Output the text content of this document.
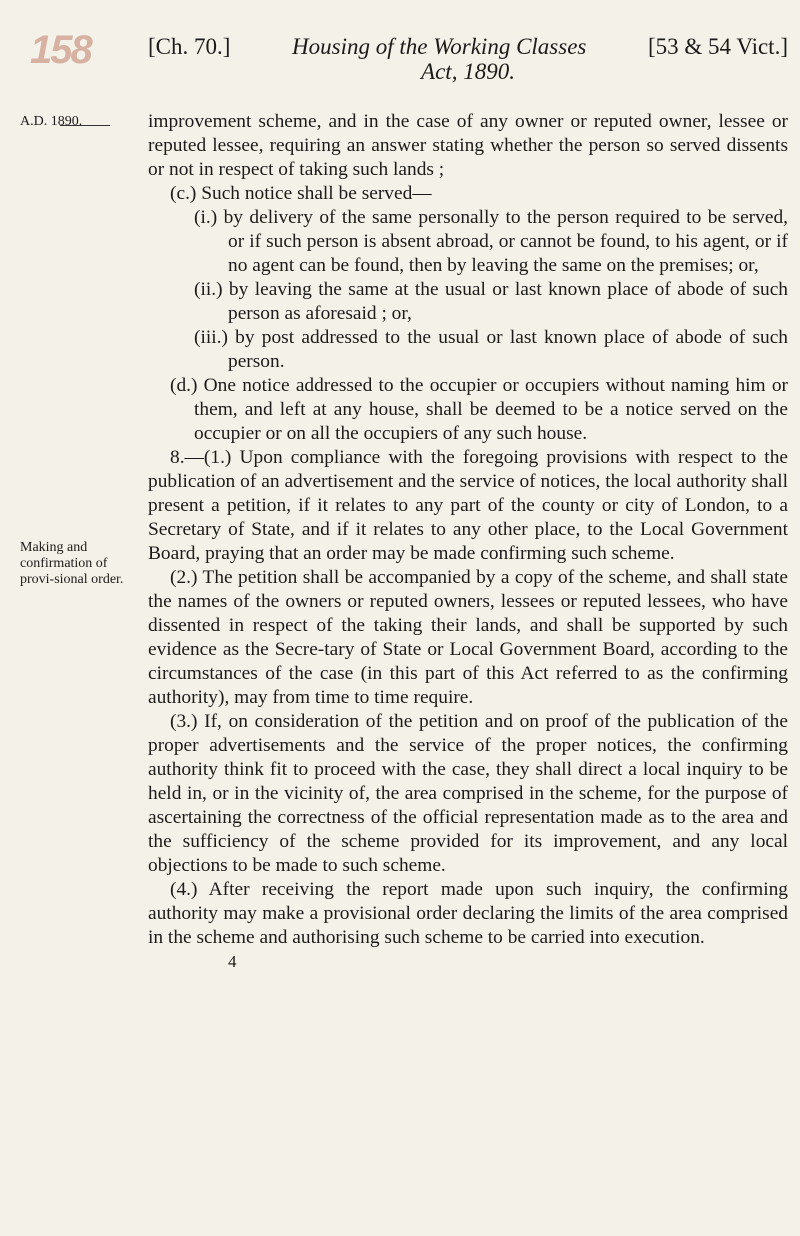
158 [Ch. 70.]	Housing of the Working Classes	[53 & 54 Vict.]
Act, 1890.
A.D. 1890.
Making and confirmation of provi-sional order.

improvement scheme, and in the case of any owner or reputed owner, lessee or reputed lessee, requiring an answer stating whether the person so served dissents or not in respect of taking such lands ;

(c.) Such notice shall be served—

(i.) by delivery of the same personally to the person required to be served, or if such person is absent abroad, or cannot be found, to his agent, or if no agent can be found, then by leaving the same on the premises; or,

(ii.) by leaving the same at the usual or last known place of abode of such person as aforesaid ; or,

(iii.) by post addressed to the usual or last known place of abode of such person.

(d.) One notice addressed to the occupier or occupiers without naming him or them, and left at any house, shall be deemed to be a notice served on the occupier or on all the occupiers of any such house.

8.—(1.) Upon compliance with the foregoing provisions with respect to the publication of an advertisement and the service of notices, the local authority shall present a petition, if it relates to any part of the county or city of London, to a Secretary of State, and if it relates to any other place, to the Local Government Board, praying that an order may be made confirming such scheme.

(2.) The petition shall be accompanied by a copy of the scheme, and shall state the names of the owners or reputed owners, lessees or reputed lessees, who have dissented in respect of the taking their lands, and shall be supported by such evidence as the Secre-tary of State or Local Government Board, according to the circumstances of the case (in this part of this Act referred to as the confirming authority), may from time to time require.

(3.) If, on consideration of the petition and on proof of the publication of the proper advertisements and the service of the proper notices, the confirming authority think fit to proceed with the case, they shall direct a local inquiry to be held in, or in the vicinity of, the area comprised in the scheme, for the purpose of ascertaining the correctness of the official representation made as to the area and the sufficiency of the scheme provided for its improvement, and any local objections to be made to such scheme.

(4.) After receiving the report made upon such inquiry, the confirming authority may make a provisional order declaring the limits of the area comprised in the scheme and authorising such scheme to be carried into execution.

4
